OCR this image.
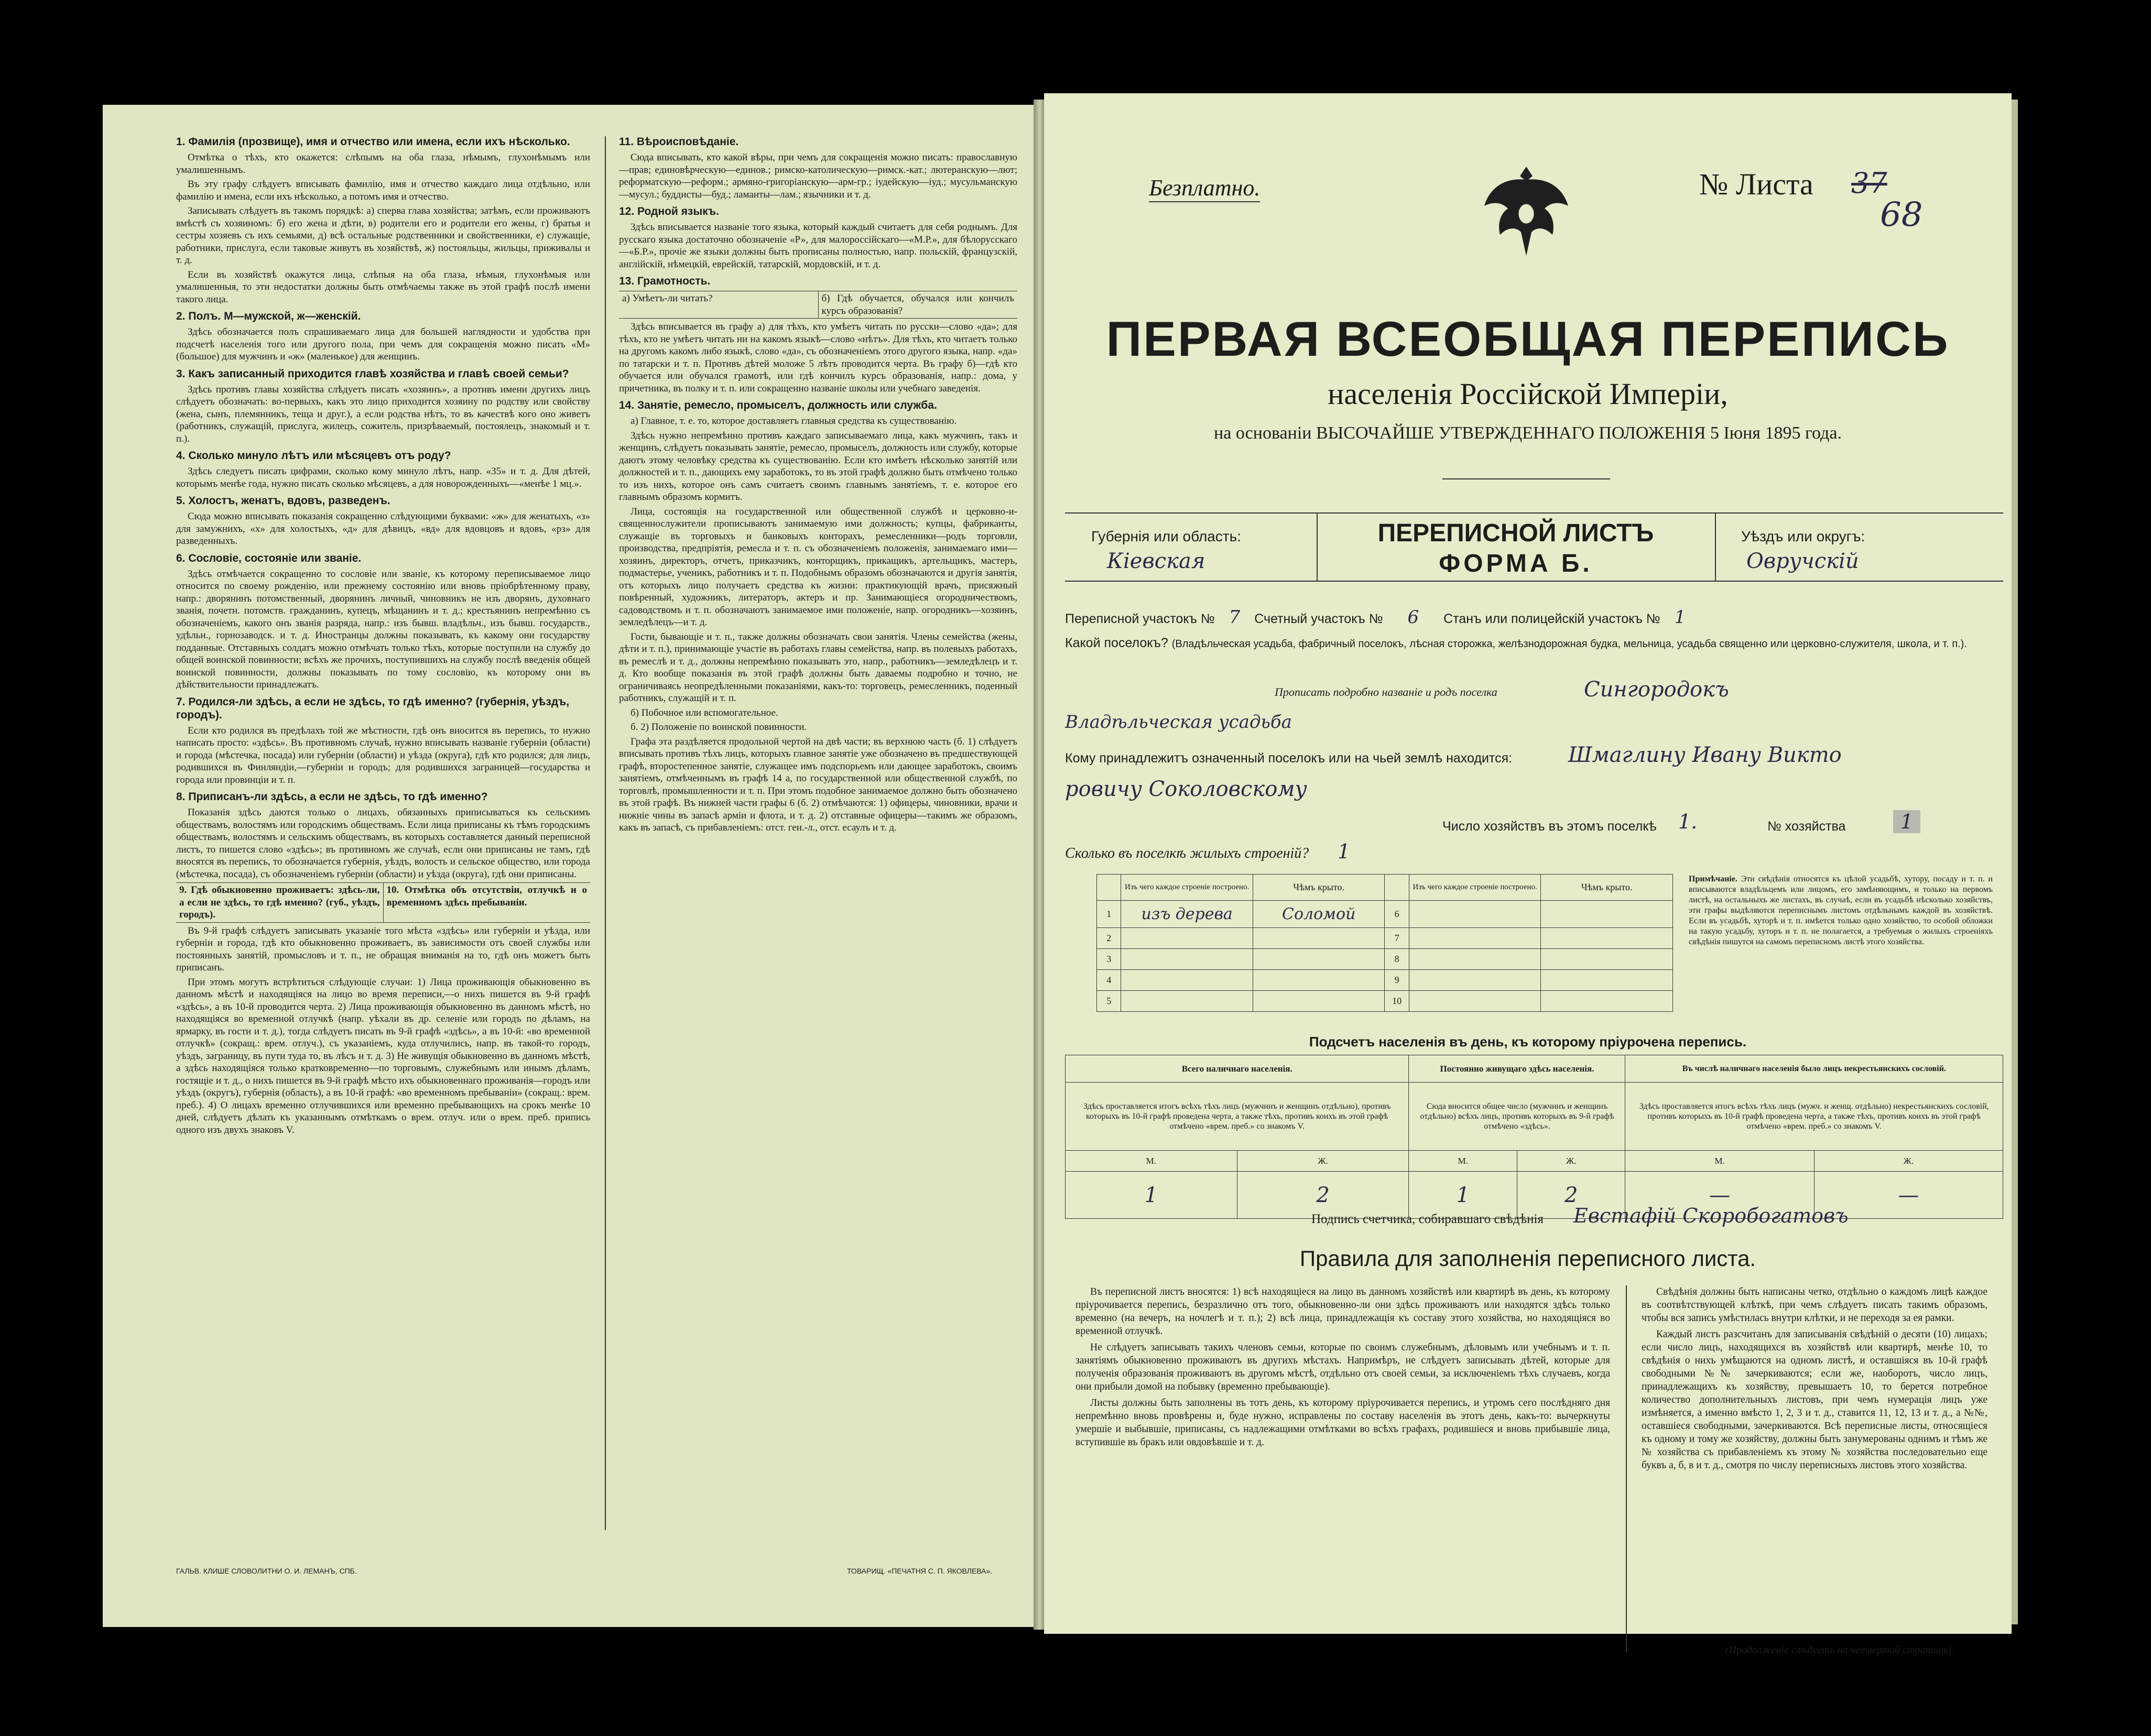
1. Фамилія (прозвище), имя и отчество или имена, если ихъ нѣсколько.

Отмѣтка о тѣхъ, кто окажется: слѣпымъ на оба глаза, нѣмымъ, глухонѣмымъ или умалишеннымъ.

Въ эту графу слѣдуетъ вписывать фамилію, имя и отчество каждаго лица отдѣльно, или фамилію и имена, если ихъ нѣсколько, а потомъ имя и отчество.

Записывать слѣдуетъ въ такомъ порядкѣ: а) сперва глава хозяйства; затѣмъ, если проживаютъ вмѣстѣ съ хозяиномъ: б) его жена и дѣти, в) родители его и родители его жены, г) братья и сестры хозяевъ съ ихъ семьями, д) всѣ остальные родственники и свойственники, е) служащіе, работники, прислуга, если таковые живутъ въ хозяйствѣ, ж) постояльцы, жильцы, приживалы и т. д.

Если въ хозяйствѣ окажутся лица, слѣпыя на оба глаза, нѣмыя, глухонѣмыя или умалишенныя, то эти недостатки должны быть отмѣчаемы также въ этой графѣ послѣ имени такого лица.

2. Полъ. М—мужской, ж—женскій.

Здѣсь обозначается полъ спрашиваемаго лица для большей наглядности и удобства при подсчетѣ населенія того или другого пола, при чемъ для сокращенія можно писать «М» (большое) для мужчинъ и «ж» (маленькое) для женщинъ.

3. Какъ записанный приходится главѣ хозяйства и главѣ своей семьи?

Здѣсь противъ главы хозяйства слѣдуетъ писать «хозяинъ», а противъ имени другихъ лицъ слѣдуетъ обозначать: во-первыхъ, какъ это лицо приходится хозяину по родству или свойству (жена, сынъ, племянникъ, теща и друг.), а если родства нѣтъ, то въ качествѣ кого оно живетъ (работникъ, служащій, прислуга, жилецъ, сожитель, призрѣваемый, постоялецъ, знакомый и т. п.).

4. Сколько минуло лѣтъ или мѣсяцевъ отъ роду?

Здѣсь следуетъ писать цифрами, сколько кому минуло лѣтъ, напр. «35» и т. д. Для дѣтей, которымъ менѣе года, нужно писать сколько мѣсяцевъ, а для новорожденныхъ—«менѣе 1 мц.».

5. Холостъ, женатъ, вдовъ, разведенъ.

Сюда можно вписывать показанія сокращенно слѣдующими буквами: «ж» для женатыхъ, «з» для замужнихъ, «х» для холостыхъ, «д» для дѣвицъ, «вд» для вдовцовъ и вдовъ, «рз» для разведенныхъ.

6. Сословіе, состояніе или званіе.

Здѣсь отмѣчается сокращенно то сословіе или званіе, къ которому переписываемое лицо относится по своему рожденію, или прежнему состоянію или вновь пріобрѣтенному праву, напр.: дворянинъ потомственный, дворянинъ личный, чиновникъ не изъ дворянъ, духовнаго званія, почетн. потомств. гражданинъ, купецъ, мѣщанинъ и т. д.; крестьянинъ непремѣнно съ обозначеніемъ, какого онъ званія разряда, напр.: изъ бывш. владѣльч., изъ бывш. государств., удѣльн., горнозаводск. и т. д. Иностранцы должны показывать, къ какому они государству подданные. Отставныхъ солдатъ можно отмѣчать только тѣхъ, которые поступили на службу до общей воинской повинности; всѣхъ же прочихъ, поступившихъ на службу послѣ введенія общей воинской повинности, должны показывать по тому сословію, къ которому они въ дѣйствительности принадлежатъ.

7. Родился-ли здѣсь, а если не здѣсь, то гдѣ именно? (губернія, уѣздъ, городъ).

Если кто родился въ предѣлахъ той же мѣстности, гдѣ онъ вносится въ перепись, то нужно написать просто: «здѣсь». Въ противномъ случаѣ, нужно вписывать названіе губерніи (области) и города (мѣстечка, посада) или губерніи (области) и уѣзда (округа), гдѣ кто родился; для лицъ, родившихся въ Финляндіи,—губерніи и городъ; для родившихся заграницей—государства и города или провинціи и т. п.

8. Приписанъ-ли здѣсь, а если не здѣсь, то гдѣ именно?

Показанія здѣсь даются только о лицахъ, обязанныхъ приписываться къ сельскимъ обществамъ, волостямъ или городскимъ обществамъ. Если лица приписаны къ тѣмъ городскимъ обществамъ, волостямъ и сельскимъ обществамъ, въ которыхъ составляется данный переписной листъ, то пишется слово «здѣсь»; въ противномъ же случаѣ, если они приписаны не тамъ, гдѣ вносятся въ перепись, то обозначается губернія, уѣздъ, волость и сельское общество, или города (мѣстечка, посада), съ обозначеніемъ губерніи (области) и уѣзда (округа), гдѣ они приписаны.

9. Гдѣ обыкновенно проживаетъ: здѣсь-ли, а если не здѣсь, то гдѣ именно? (губ., уѣздъ, городъ).
10. Отмѣтка объ отсутствіи, отлучкѣ и о временномъ здѣсь пребываніи.

Въ 9-й графѣ слѣдуетъ записывать указаніе того мѣста «здѣсь» или губерніи и уѣзда, или губерніи и города, гдѣ кто обыкновенно проживаетъ, въ зависимости отъ своей службы или постоянныхъ занятій, промысловъ и т. п., не обращая вниманія на то, гдѣ онъ можетъ быть приписанъ.

При этомъ могутъ встрѣтиться слѣдующіе случаи: 1) Лица проживающія обыкновенно въ данномъ мѣстѣ и находящіяся на лицо во время переписи,—о нихъ пишется въ 9-й графѣ «здѣсь», а въ 10-й проводится черта. 2) Лица проживающія обыкновенно въ данномъ мѣстѣ, но находящіяся во временной отлучкѣ (напр. уѣхали въ др. селеніе или городъ по дѣламъ, на ярмарку, въ гости и т. д.), тогда слѣдуетъ писать въ 9-й графѣ «здѣсь», а въ 10-й: «во временной отлучкѣ» (сокращ.: врем. отлуч.), съ указаніемъ, куда отлучились, напр. въ такой-то городъ, уѣздъ, заграницу, въ пути туда то, въ лѣсъ и т. д. 3) Не живущія обыкновенно въ данномъ мѣстѣ, а здѣсь находящіяся только кратковременно—по торговымъ, служебнымъ или инымъ дѣламъ, гостящіе и т. д., о нихъ пишется въ 9-й графѣ мѣсто ихъ обыкновеннаго проживанія—городъ или уѣздъ (округъ), губернія (область), а въ 10-й графѣ: «во временномъ пребываніи» (сокращ.: врем. преб.). 4) О лицахъ временно отлучившихся или временно пребывающихъ на срокъ менѣе 10 дней, слѣдуетъ дѣлать къ указаннымъ отмѣткамъ о врем. отлуч. или о врем. преб. припись одного изъ двухъ знаковъ V.

11. Вѣроисповѣданіе.

Сюда вписывать, кто какой вѣры, при чемъ для сокращенія можно писать: православную—прав; единовѣрческую—единов.; римско-католическую—римск.-кат.; лютеранскую—лют; реформатскую—реформ.; армяно-григоріанскую—арм-гр.; іудейскую—іуд.; мусульманскую—мусул.; буддисты—буд.; ламаиты—лам.; язычники и т. д.

12. Родной языкъ.

Здѣсь вписывается названіе того языка, который каждый считаетъ для себя роднымъ. Для русскаго языка достаточно обозначеніе «Р», для малороссійскаго—«М.Р.», для бѣлорусскаго—«Б.Р.», прочіе же языки должны быть прописаны полностью, напр. польскій, французскій, англійскій, нѣмецкій, еврейскій, татарскій, мордовскій, и т. д.

13. Грамотность.
а) Умѣетъ-ли читать?	б) Гдѣ обучается, обучался или кончилъ курсъ образованія?

Здѣсь вписывается въ графу а) для тѣхъ, кто умѣетъ читать по русски—слово «да»; для тѣхъ, кто не умѣетъ читать ни на какомъ языкѣ—слово «нѣтъ». Для тѣхъ, кто читаетъ только на другомъ какомъ либо языкѣ, слово «да», съ обозначеніемъ этого другого языка, напр. «да» по татарски и т. п. Противъ дѣтей моложе 5 лѣтъ проводится черта. Въ графу б)—гдѣ кто обучается или обучался грамотѣ, или гдѣ кончилъ курсъ образованія, напр.: дома, у причетника, въ полку и т. п. или сокращенно названіе школы или учебнаго заведенія.

14. Занятіе, ремесло, промыселъ, должность или служба.

а) Главное, т. е. то, которое доставляетъ главныя средства къ существованію.

Здѣсь нужно непремѣнно противъ каждаго записываемаго лица, какъ мужчинъ, такъ и женщинъ, слѣдуетъ показывать занятіе, ремесло, промыселъ, должность или службу, которые даютъ этому человѣку средства къ существованію. Если кто имѣетъ нѣсколько занятій или должностей и т. п., дающихъ ему заработокъ, то въ этой графѣ должно быть отмѣчено только то изъ нихъ, которое онъ самъ считаетъ своимъ главнымъ занятіемъ, т. е. которое его главнымъ образомъ кормитъ.

Лица, состоящія на государственной или общественной службѣ и церковно-и-священнослужители прописываютъ занимаемую ими должность; купцы, фабриканты, служащіе въ торговыхъ и банковыхъ конторахъ, ремесленники—родъ торговли, производства, предпріятія, ремесла и т. п. съ обозначеніемъ положенія, занимаемаго ими—хозяинъ, директоръ, отчетъ, приказчикъ, конторщикъ, прикащикъ, артельщикъ, мастеръ, подмастерье, ученикъ, работникъ и т. п. Подобнымъ образомъ обозначаются и другія занятія, отъ которыхъ лицо получаетъ средства къ жизни: практикующій врачъ, присяжный повѣренный, художникъ, литераторъ, актеръ и пр. Занимающіеся огородничествомъ, садоводствомъ и т. п. обозначаютъ занимаемое ими положеніе, напр. огородникъ—хозяинъ, земледѣлецъ—и т. д.

Гости, бывающіе и т. п., также должны обозначать свои занятія. Члены семейства (жены, дѣти и т. п.), принимающіе участіе въ работахъ главы семейства, напр. въ полевыхъ работахъ, въ ремеслѣ и т. д., должны непремѣнно показывать это, напр., работникъ—земледѣлецъ и т. д. Кто вообще показанія въ этой графѣ должны быть даваемы подробно и точно, не ограничиваясь неопредѣленными показаніями, какъ-то: торговецъ, ремесленникъ, поденный работникъ, служащій и т. п.

б) Побочное или вспомогательное.

б. 2) Положеніе по воинской повинности.

Графа эта раздѣляется продольной чертой на двѣ части; въ верхнюю часть (б. 1) слѣдуетъ вписывать противъ тѣхъ лицъ, которыхъ главное занятіе уже обозначено въ предшествующей графѣ, второстепенное занятіе, служащее имъ подспорьемъ или дающее заработокъ, своимъ занятіемъ, отмѣченнымъ въ графѣ 14 а, по государственной или общественной службѣ, по торговлѣ, промышленности и т. п. При этомъ подобное занимаемое должно быть обозначено въ этой графѣ. Въ нижней части графы 6 (б. 2) отмѣчаются: 1) офицеры, чиновники, врачи и нижніе чины въ запасѣ арміи и флота, и т. д. 2) отставные офицеры—такимъ же образомъ, какъ въ запасѣ, съ прибавленіемъ: отст. ген.-л., отст. есаулъ и т. д.

ГАЛЬВ. КЛИШЕ СЛОВОЛИТНИ О. И. ЛЕМАНЪ, СПБ.	ТОВАРИЩ. «ПЕЧАТНЯ С. П. ЯКОВЛЕВА».
Безплатно.	№ Листа 37
68
ПЕРВАЯ ВСЕОБЩАЯ ПЕРЕПИСЬ
населенія Россійской Имперіи,
на основаніи ВЫСОЧАЙШЕ УТВЕРЖДЕННАГО ПОЛОЖЕНІЯ 5 Іюня 1895 года.
Губернія или область:
Кіевская
ПЕРЕПИСНОЙ ЛИСТЪ
ФОРМА Б.
Уѣздъ или округъ:
Овручскій
Переписной участокъ № 7 Счетный участокъ № 6 Станъ или полицейскій участокъ № 1
Какой поселокъ? (Владѣльческая усадьба, фабричный поселокъ, лѣсная сторожка, желѣзнодорожная будка, мельница, усадьба священно или церковно-служителя, школа, и т. п.).
Прописать подробно названіе и родъ поселка	Сингородокъ
Владѣльческая усадьба
Кому принадлежитъ означенный поселокъ или на чьей землѣ находится:	Шмаглину Ивану Викто
ровичу Соколовскому
Число хозяйствъ въ этомъ поселкѣ 1.	№ хозяйства	1
Сколько въ поселкѣ жилыхъ строеній? 1
	Изъ чего каждое строеніе построено.	Чѣмъ крыто.		Изъ чего каждое строеніе построено.	Чѣмъ крыто.
1	изъ дерева	Соломой	6		
2			7		
3			8		
4			9		
5			10		
Примѣчаніе. Эти свѣдѣнія относятся къ цѣлой усадьбѣ, хутору, посаду и т. п. и вписываются владѣльцемъ или лицомъ, его замѣняющимъ, и только на первомъ листѣ, на остальныхъ же листахъ, въ случаѣ, если въ усадьбѣ нѣсколько хозяйствъ, эти графы выдѣляются переписнымъ листомъ отдѣльнымъ каждой въ хозяйствѣ. Если въ усадьбѣ, хуторѣ и т. п. имѣется только одно хозяйство, то особой обложки на такую усадьбу, хуторъ и т. п. не полагается, а требуемыя о жилыхъ строеніяхъ свѣдѣнія пишутся на самомъ переписномъ листѣ этого хозяйства.
Подсчетъ населенія въ день, къ которому пріурочена перепись.
Всего наличнаго населенія.		Постоянно живущаго здѣсь населенія.		Въ числѣ наличнаго населенія было лицъ некрестьянскихъ сословій.	
Здѣсь проставляется итогъ всѣхъ тѣхъ лицъ (мужчинъ и женщинъ отдѣльно), противъ которыхъ въ 10-й графѣ проведена черта, а также тѣхъ, противъ коихъ въ этой графѣ отмѣчено «врем. преб.» со знакомъ V.		Сюда вносится общее число (мужчинъ и женщинъ отдѣльно) всѣхъ лицъ, противъ которыхъ въ 9-й графѣ отмѣчено «здѣсь».		Здѣсь проставляется итогъ всѣхъ тѣхъ лицъ (мужч. и женщ. отдѣльно) некрестьянскихъ сословій, противъ которыхъ въ 10-й графѣ проведена черта, а также тѣхъ, противъ коихъ въ этой графѣ отмѣчено «врем. преб.» со знакомъ V.	
М.	Ж.	М.	Ж.	М.	Ж.
1	2	1	2	—	—
Подпись счетчика, собиравшаго свѣдѣнія Евстафій Скоробогатовъ
Правила для заполненія переписного листа.

Въ переписной листъ вносятся: 1) всѣ находящіеся на лицо въ данномъ хозяйствѣ или квартирѣ въ день, къ которому пріурочивается перепись, безразлично отъ того, обыкновенно-ли они здѣсь проживаютъ или находятся здѣсь только временно (на вечеръ, на ночлегѣ и т. п.); 2) всѣ лица, принадлежащія къ составу этого хозяйства, но находящіяся во временной отлучкѣ.

Не слѣдуетъ записывать такихъ членовъ семьи, которые по своимъ служебнымъ, дѣловымъ или учебнымъ и т. п. занятіямъ обыкновенно проживаютъ въ другихъ мѣстахъ. Напримѣръ, не слѣдуетъ записывать дѣтей, которые для полученія образованія проживаютъ въ другомъ мѣстѣ, отдѣльно отъ своей семьи, за исключеніемъ тѣхъ случаевъ, когда они прибыли домой на побывку (временно пребывающіе).

Листы должны быть заполнены въ тотъ день, къ которому пріурочивается перепись, и утромъ сего послѣдняго дня непремѣнно вновь провѣрены и, буде нужно, исправлены по составу населенія въ этотъ день, какъ-то: вычеркнуты умершіе и выбывшіе, приписаны, съ надлежащими отмѣтками во всѣхъ графахъ, родившіеся и вновь прибывшіе лица, вступившіе въ бракъ или овдовѣвшіе и т. д.

Свѣдѣнія должны быть написаны четко, отдѣльно о каждомъ лицѣ каждое въ соотвѣтствующей клѣткѣ, при чемъ слѣдуетъ писать такимъ образомъ, чтобы вся запись умѣстилась внутри клѣтки, и не переходя за ея рамки.

Каждый листъ разсчитанъ для записыванія свѣдѣній о десяти (10) лицахъ; если число лицъ, находящихся въ хозяйствѣ или квартирѣ, менѣе 10, то свѣдѣнія о нихъ умѣщаются на одномъ листѣ, и оставшіяся въ 10-й графѣ свободными №№ зачеркиваются; если же, наоборотъ, число лицъ, принадлежащихъ къ хозяйству, превышаетъ 10, то берется потребное количество дополнительныхъ листовъ, при чемъ нумерація лицъ уже измѣняется, а именно вмѣсто 1, 2, 3 и т. д., ставится 11, 12, 13 и т. д., а №№, оставшіеся свободными, зачеркиваются. Всѣ переписные листы, относящіеся къ одному и тому же хозяйству, должны быть занумерованы однимъ и тѣмъ же № хозяйства съ прибавленіемъ къ этому № хозяйства последовательно еще буквъ а, б, в и т. д., смотря по числу переписныхъ листовъ этого хозяйства.

(Продолженіе слѣдуетъ на четвертой страницѣ).
